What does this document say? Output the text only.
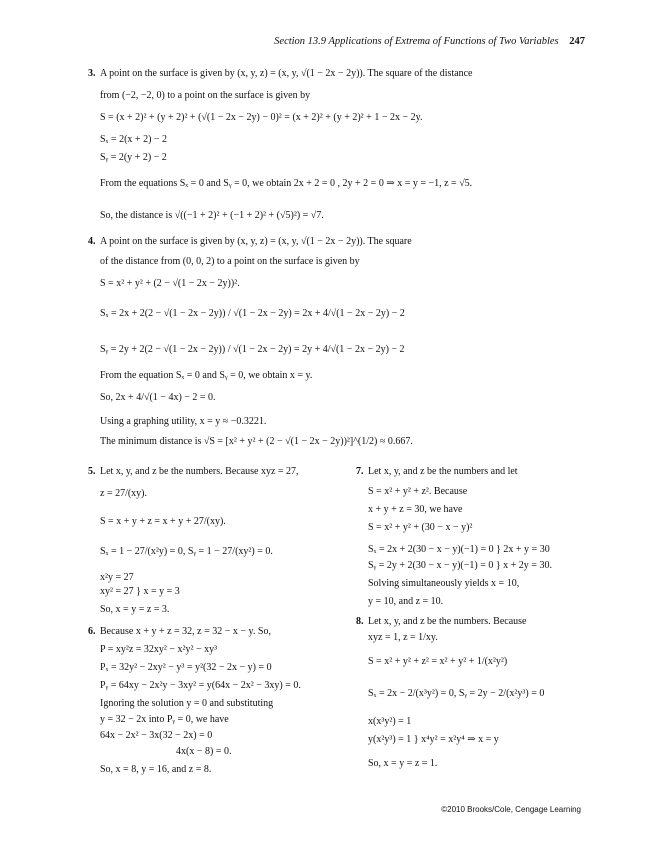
Section 13.9 Applications of Extrema of Functions of Two Variables 247
3. A point on the surface is given by (x, y, z) = (x, y, √(1 − 2x − 2y)). The square of the distance
from (−2, −2, 0) to a point on the surface is given by
S = (x + 2)² + (y + 2)² + (√(1 − 2x − 2y) − 0)² = (x + 2)² + (y + 2)² + 1 − 2x − 2y.
Sₓ = 2(x + 2) − 2
Sᵧ = 2(y + 2) − 2
From the equations Sₓ = 0 and Sᵧ = 0, we obtain 2x + 2 = 0 , 2y + 2 = 0 ⇒ x = y = −1, z = √5.
So, the distance is √((−1 + 2)² + (−1 + 2)² + (√5)²) = √7.
4. A point on the surface is given by (x, y, z) = (x, y, √(1 − 2x − 2y)). The square
of the distance from (0, 0, 2) to a point on the surface is given by
S = x² + y² + (2 − √(1 − 2x − 2y))².
Sₓ = 2x + 2(2 − √(1 − 2x − 2y)) / √(1 − 2x − 2y) = 2x + 4/√(1 − 2x − 2y) − 2
Sᵧ = 2y + 2(2 − √(1 − 2x − 2y)) / √(1 − 2x − 2y) = 2y + 4/√(1 − 2x − 2y) − 2
From the equation Sₓ = 0 and Sᵧ = 0, we obtain x = y.
So, 2x + 4/√(1 − 4x) − 2 = 0.
Using a graphing utility, x = y ≈ −0.3221.
The minimum distance is √S = [x² + y² + (2 − √(1 − 2x − 2y))²]^(1/2) ≈ 0.667.
5. Let x, y, and z be the numbers. Because xyz = 27,
z = 27/(xy).
S = x + y + z = x + y + 27/(xy).
Sₓ = 1 − 27/(x²y) = 0, Sᵧ = 1 − 27/(xy²) = 0.
x²y = 27
xy² = 27 } x = y = 3
So, x = y = z = 3.
6. Because x + y + z = 32, z = 32 − x − y. So,
P = xy²z = 32xy² − x²y² − xy³
Pₓ = 32y² − 2xy² − y³ = y²(32 − 2x − y) = 0
Pᵧ = 64xy − 2x²y − 3xy² = y(64x − 2x² − 3xy) = 0.
Ignoring the solution y = 0 and substituting
y = 32 − 2x into Pᵧ = 0, we have
64x − 2x² − 3x(32 − 2x) = 0
4x(x − 8) = 0.
So, x = 8, y = 16, and z = 8.
7. Let x, y, and z be the numbers and let
S = x² + y² + z². Because
x + y + z = 30, we have
S = x² + y² + (30 − x − y)²
Sₓ = 2x + 2(30 − x − y)(−1) = 0 } 2x + y = 30
Sᵧ = 2y + 2(30 − x − y)(−1) = 0 } x + 2y = 30.
Solving simultaneously yields x = 10,
y = 10, and z = 10.
8. Let x, y, and z be the numbers. Because
xyz = 1, z = 1/xy.
S = x² + y² + z² = x² + y² + 1/(x²y²)
Sₓ = 2x − 2/(x³y²) = 0, Sᵧ = 2y − 2/(x²y³) = 0
x(x³y²) = 1
y(x²y³) = 1 } x⁴y² = x²y⁴ ⇒ x = y
So, x = y = z = 1.
©2010 Brooks/Cole, Cengage Learning
